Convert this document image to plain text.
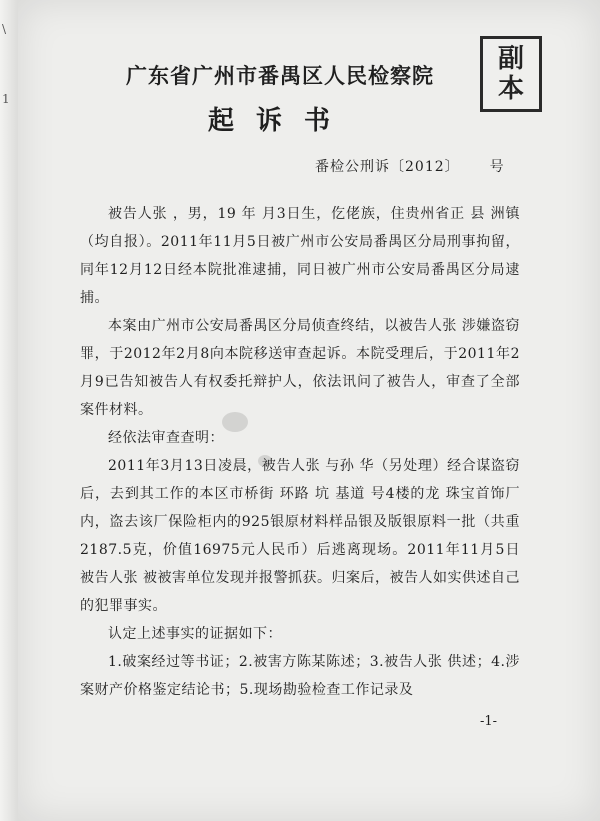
\
1
副
本
广东省广州市番禺区人民检察院
起诉书
番检公刑诉〔2012〕 号

被告人张 ，男，19 年 月3日生，仡佬族，住贵州省正 县 洲镇（均自报）。2011年11月5日被广州市公安局番禺区分局刑事拘留，同年12月12日经本院批准逮捕，同日被广州市公安局番禺区分局逮捕。

本案由广州市公安局番禺区分局侦查终结，以被告人张 涉嫌盗窃罪，于2012年2月8向本院移送审查起诉。本院受理后，于2011年2月9已告知被告人有权委托辩护人，依法讯问了被告人，审查了全部案件材料。

经依法审查查明：

2011年3月13日凌晨，被告人张 与孙 华（另处理）经合谋盗窃后，去到其工作的本区市桥街 环路 坑 基道 号4楼的龙 珠宝首饰厂内，盗去该厂保险柜内的925银原材料样品银及版银原料一批（共重2187.5克，价值16975元人民币）后逃离现场。2011年11月5日被告人张 被被害单位发现并报警抓获。归案后，被告人如实供述自己的犯罪事实。

认定上述事实的证据如下：

1.破案经过等书证；2.被害方陈某陈述；3.被告人张 供述；4.涉案财产价格鉴定结论书；5.现场勘验检查工作记录及

-1-
